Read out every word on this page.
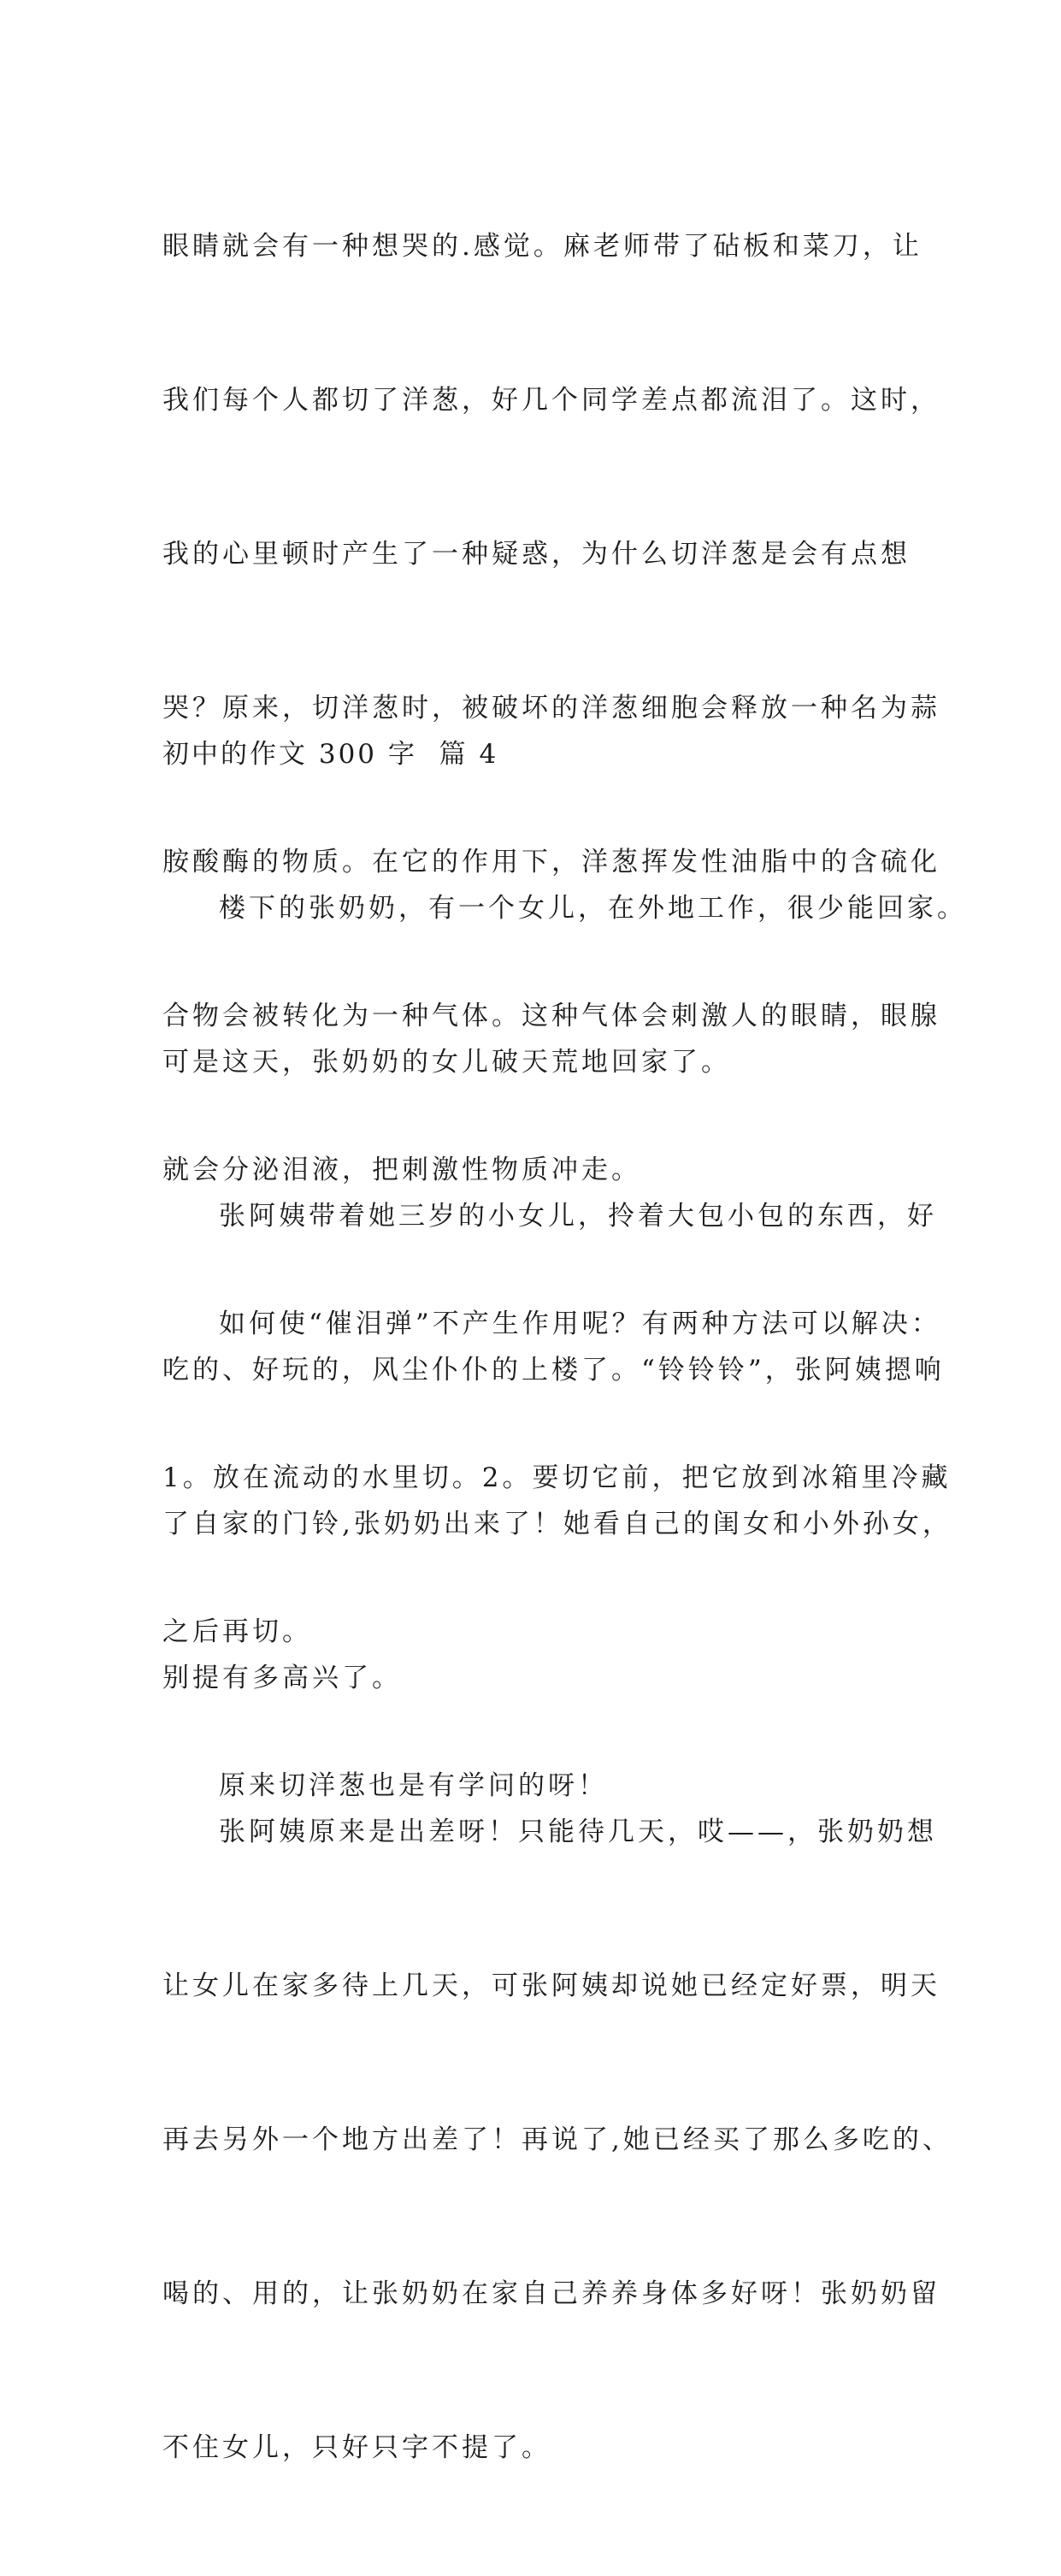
眼睛就会有一种想哭的.感觉。麻老师带了砧板和菜刀，让

我们每个人都切了洋葱，好几个同学差点都流泪了。这时，

我的心里顿时产生了一种疑惑，为什么切洋葱是会有点想

哭？原来，切洋葱时，被破坏的洋葱细胞会释放一种名为蒜

胺酸酶的物质。在它的作用下，洋葱挥发性油脂中的含硫化

合物会被转化为一种气体。这种气体会刺激人的眼睛，眼腺

就会分泌泪液，把刺激性物质冲走。

如何使“催泪弹”不产生作用呢？有两种方法可以解决：

1。放在流动的水里切。2。要切它前，把它放到冰箱里冷藏

之后再切。

原来切洋葱也是有学问的呀！

初中的作文 300 字  篇 4

楼下的张奶奶，有一个女儿，在外地工作，很少能回家。

可是这天，张奶奶的女儿破天荒地回家了。

张阿姨带着她三岁的小女儿，拎着大包小包的东西，好

吃的、好玩的，风尘仆仆的上楼了。“铃铃铃”，张阿姨摁响

了自家的门铃,张奶奶出来了！她看自己的闺女和小外孙女，

别提有多高兴了。

张阿姨原来是出差呀！只能待几天，哎——，张奶奶想

让女儿在家多待上几天，可张阿姨却说她已经定好票，明天

再去另外一个地方出差了！再说了,她已经买了那么多吃的、

喝的、用的，让张奶奶在家自己养养身体多好呀！张奶奶留

不住女儿，只好只字不提了。
